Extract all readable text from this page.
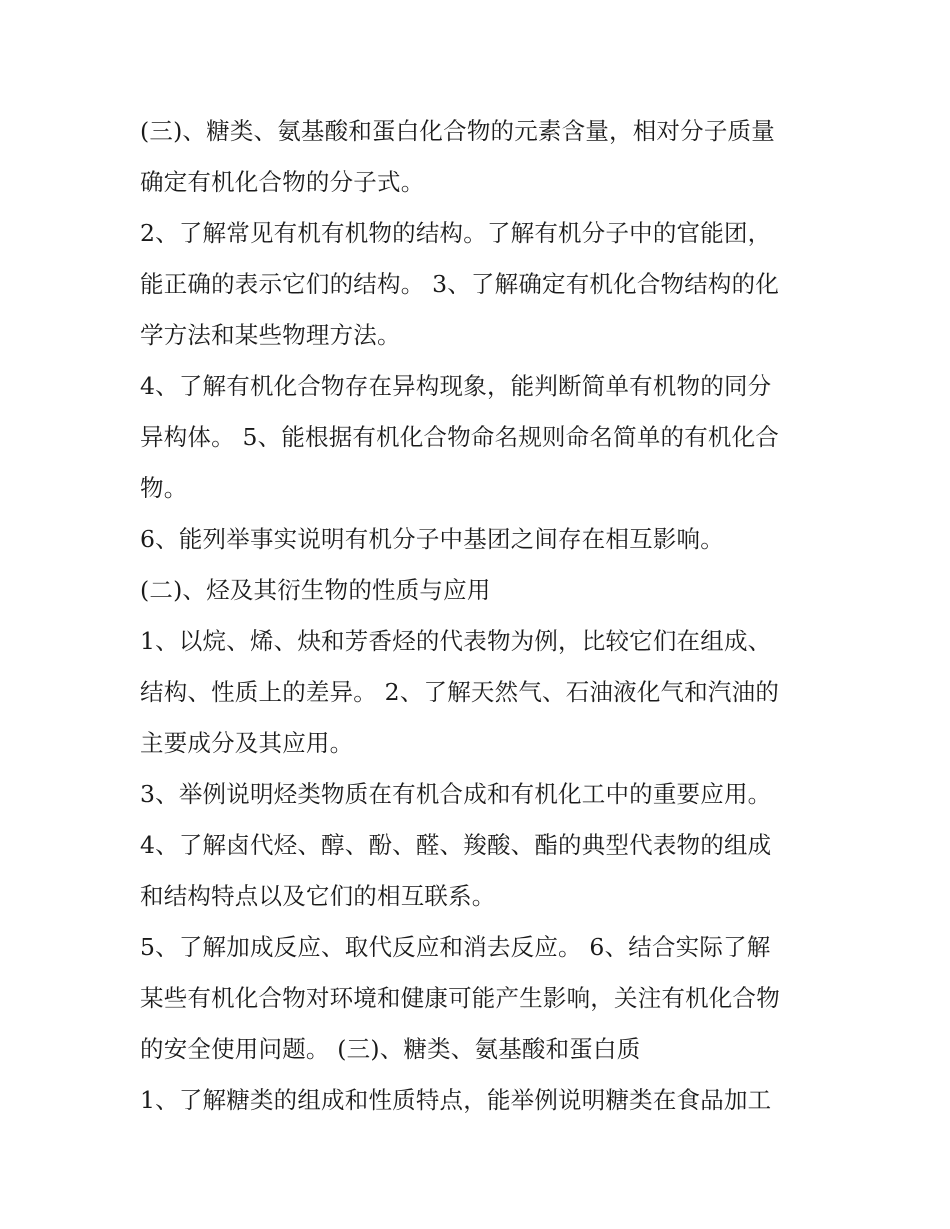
(三)、糖类、氨基酸和蛋白化合物的元素含量，相对分子质量
确定有机化合物的分子式。
2、了解常见有机有机物的结构。了解有机分子中的官能团，
能正确的表示它们的结构。 3、了解确定有机化合物结构的化
学方法和某些物理方法。
4、了解有机化合物存在异构现象，能判断简单有机物的同分
异构体。 5、能根据有机化合物命名规则命名简单的有机化合
物。
6、能列举事实说明有机分子中基团之间存在相互影响。
(二)、烃及其衍生物的性质与应用
1、以烷、烯、炔和芳香烃的代表物为例，比较它们在组成、
结构、性质上的差异。 2、了解天然气、石油液化气和汽油的
主要成分及其应用。
3、举例说明烃类物质在有机合成和有机化工中的重要应用。
4、了解卤代烃、醇、酚、醛、羧酸、酯的典型代表物的组成
和结构特点以及它们的相互联系。
5、了解加成反应、取代反应和消去反应。 6、结合实际了解
某些有机化合物对环境和健康可能产生影响，关注有机化合物
的安全使用问题。 (三)、糖类、氨基酸和蛋白质
1、了解糖类的组成和性质特点，能举例说明糖类在食品加工
